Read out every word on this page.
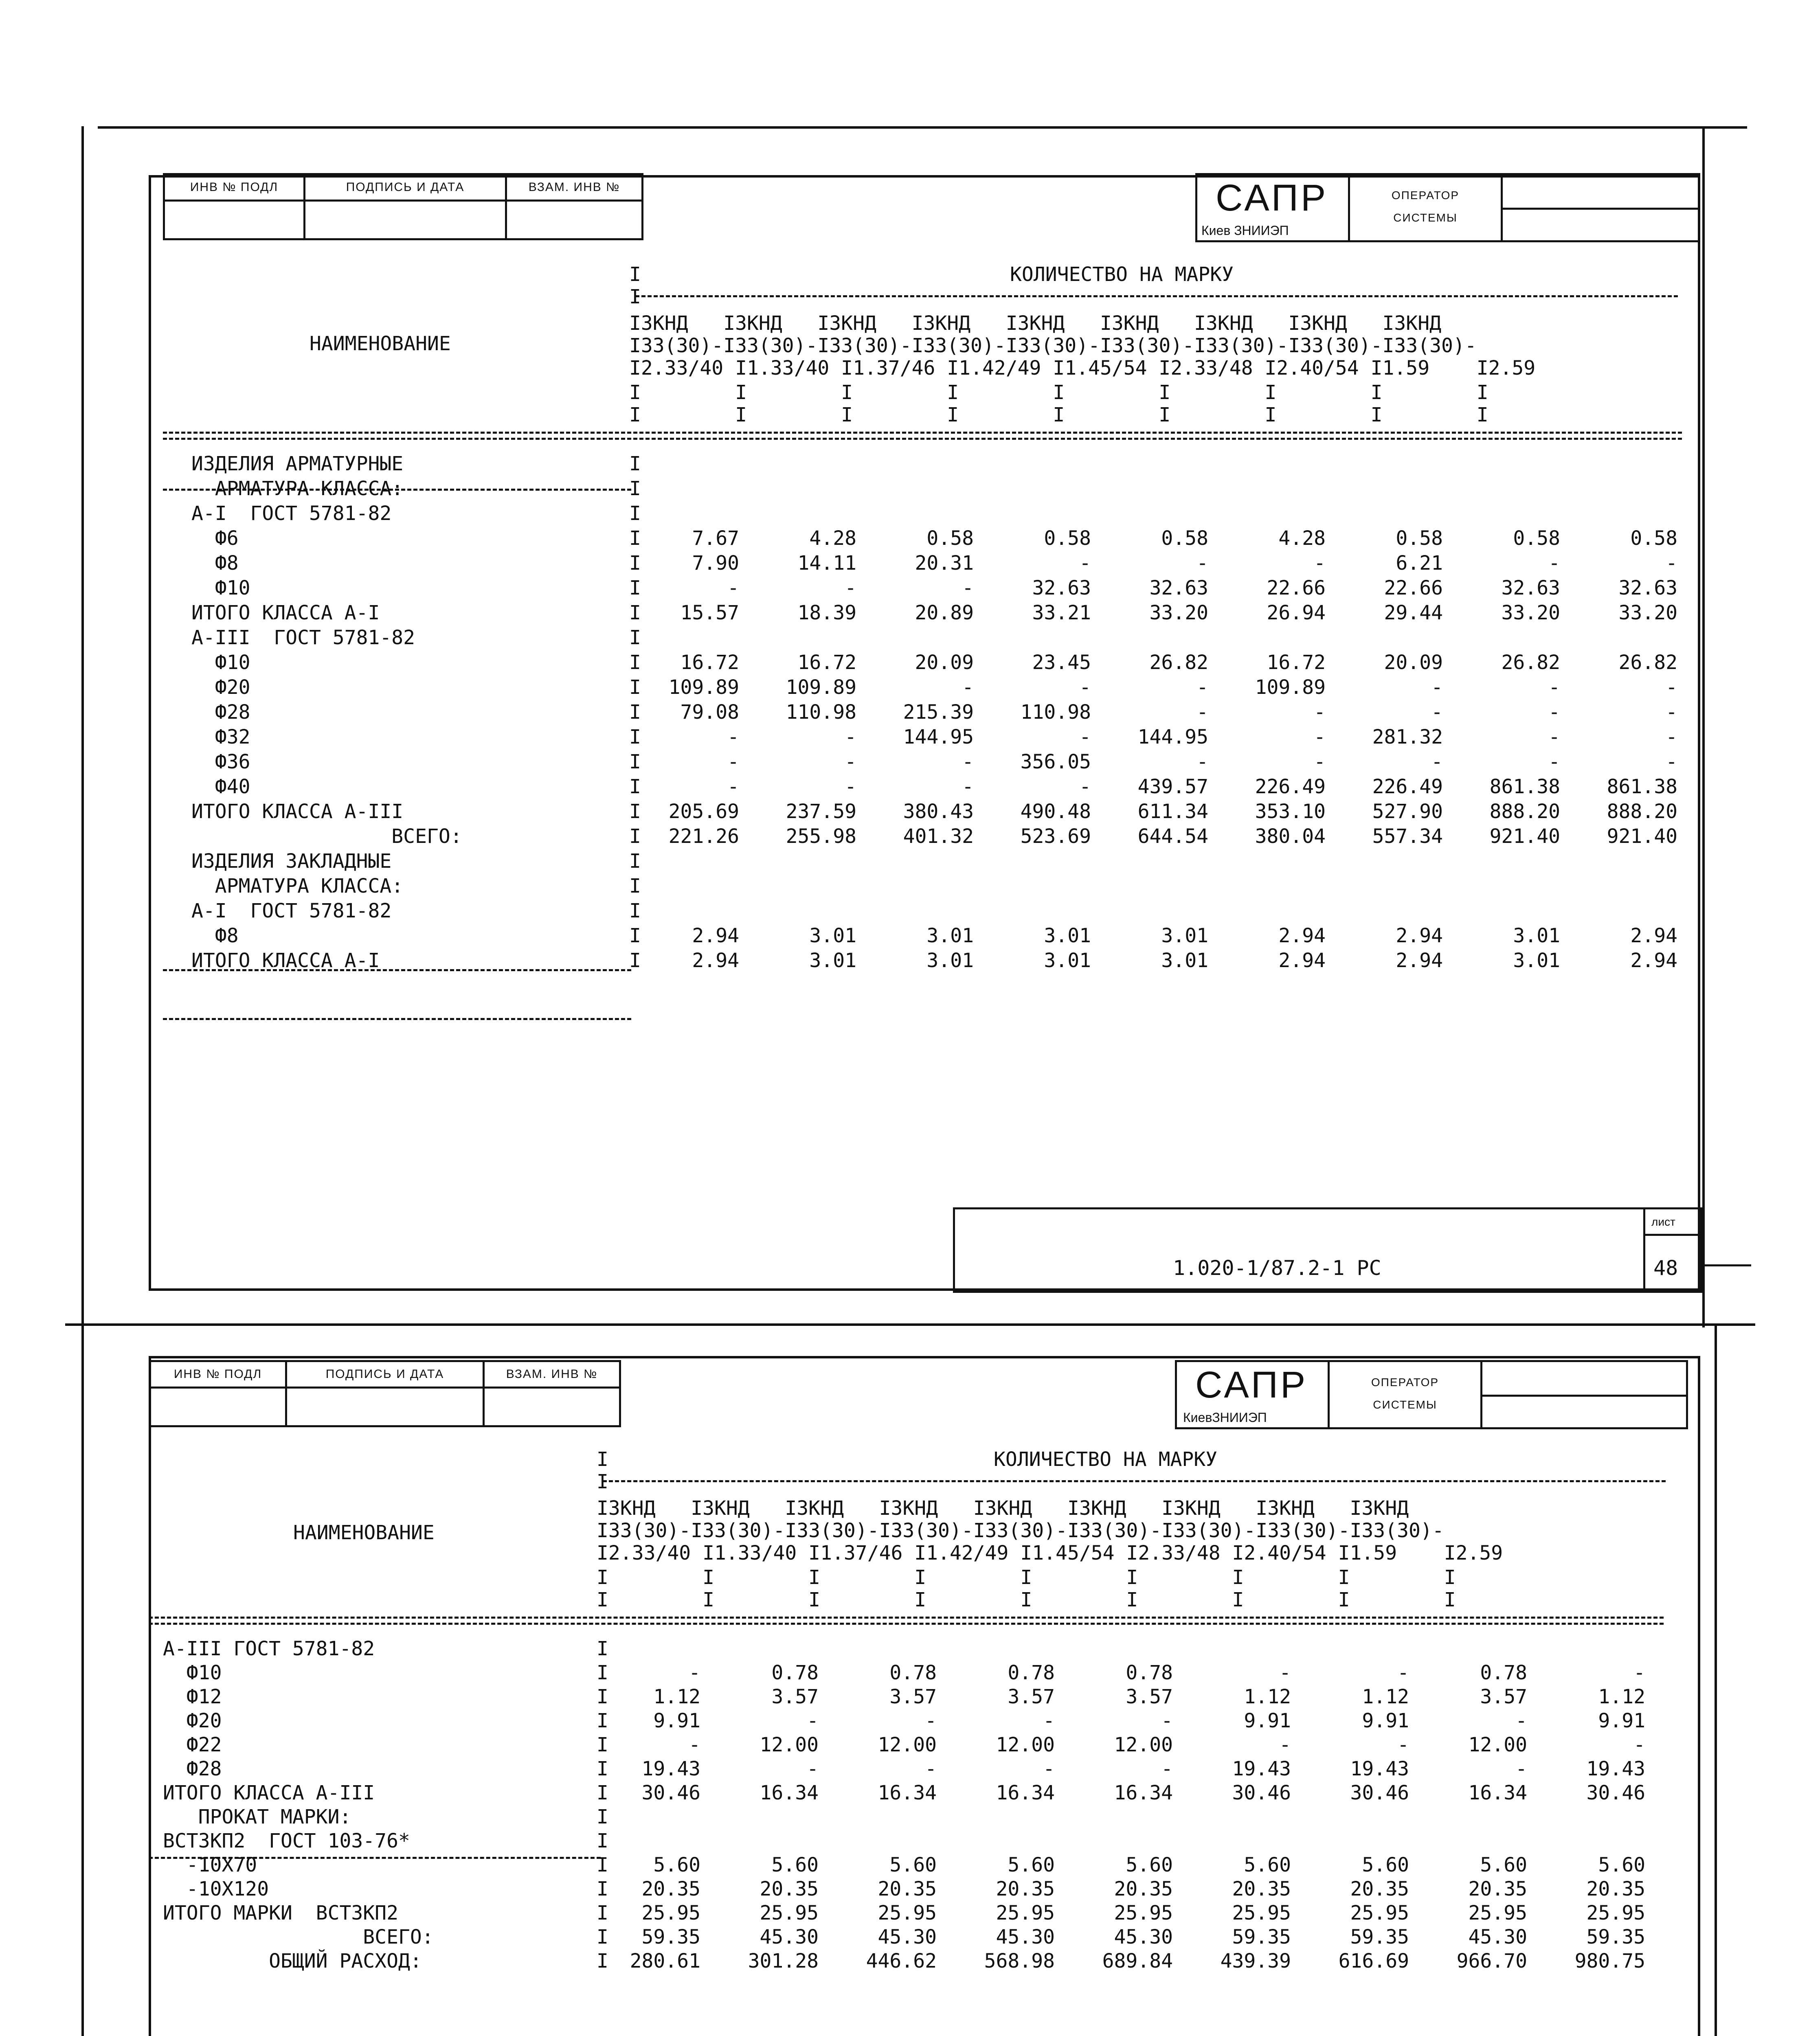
ИНВ № ПОДЛ	ПОДПИСЬ И ДАТА	ВЗАМ. ИНВ №	САПР
Киев ЗНИИЭП
ОПЕРАТОР
СИСТЕМЫ
I	КОЛИЧЕСТВО НА МАРКУ
I
НАИМЕНОВАНИЕ
I3КНД   I3КНД   I3КНД   I3КНД   I3КНД   I3КНД   I3КНД   I3КНД   I3КНД
I33(30)-I33(30)-I33(30)-I33(30)-I33(30)-I33(30)-I33(30)-I33(30)-I33(30)-
I2.33/40 I1.33/40 I1.37/46 I1.42/49 I1.45/54 I2.33/48 I2.40/54 I1.59    I2.59
I        I        I        I        I        I        I        I        I
I        I        I        I        I        I        I        I        I
ИЗДЕЛИЯ АРМАТУРНЫЕ	I
АРМАТУРА КЛАССА:	I
А-I  ГОСТ 5781-82	I
Ф6	I	7.67	4.28	0.58	0.58	0.58	4.28	0.58	0.58	0.58
Ф8	I	7.90	14.11	20.31	-	-	-	6.21	-	-
Ф10	I	-	-	-	32.63	32.63	22.66	22.66	32.63	32.63
ИТОГО КЛАССА А-I	I	15.57	18.39	20.89	33.21	33.20	26.94	29.44	33.20	33.20
А-III  ГОСТ 5781-82	I
Ф10	I	16.72	16.72	20.09	23.45	26.82	16.72	20.09	26.82	26.82
Ф20	I	109.89	109.89	-	-	-	109.89	-	-	-
Ф28	I	79.08	110.98	215.39	110.98	-	-	-	-	-
Ф32	I	-	-	144.95	-	144.95	-	281.32	-	-
Ф36	I	-	-	-	356.05	-	-	-	-	-
Ф40	I	-	-	-	-	439.57	226.49	226.49	861.38	861.38
ИТОГО КЛАССА А-III	I	205.69	237.59	380.43	490.48	611.34	353.10	527.90	888.20	888.20
ВСЕГО:	I	221.26	255.98	401.32	523.69	644.54	380.04	557.34	921.40	921.40
ИЗДЕЛИЯ ЗАКЛАДНЫЕ	I
АРМАТУРА КЛАССА:	I
А-I  ГОСТ 5781-82	I
Ф8	I	2.94	3.01	3.01	3.01	3.01	2.94	2.94	3.01	2.94
ИТОГО КЛАССА А-I	I	2.94	3.01	3.01	3.01	3.01	2.94	2.94	3.01	2.94
1.020-1/87.2-1 РС
лист
48
ИНВ № ПОДЛ	ПОДПИСЬ И ДАТА	ВЗАМ. ИНВ №	САПР
КиевЗНИИЭП
ОПЕРАТОР
СИСТЕМЫ
I	КОЛИЧЕСТВО НА МАРКУ
I
НАИМЕНОВАНИЕ
I3КНД   I3КНД   I3КНД   I3КНД   I3КНД   I3КНД   I3КНД   I3КНД   I3КНД
I33(30)-I33(30)-I33(30)-I33(30)-I33(30)-I33(30)-I33(30)-I33(30)-I33(30)-
I2.33/40 I1.33/40 I1.37/46 I1.42/49 I1.45/54 I2.33/48 I2.40/54 I1.59    I2.59
I        I        I        I        I        I        I        I        I
I        I        I        I        I        I        I        I        I
А-III ГОСТ 5781-82	I
Ф10	I	-	0.78	0.78	0.78	0.78	-	-	0.78	-
Ф12	I	1.12	3.57	3.57	3.57	3.57	1.12	1.12	3.57	1.12
Ф20	I	9.91	-	-	-	-	9.91	9.91	-	9.91
Ф22	I	-	12.00	12.00	12.00	12.00	-	-	12.00	-
Ф28	I	19.43	-	-	-	-	19.43	19.43	-	19.43
ИТОГО КЛАССА А-III	I	30.46	16.34	16.34	16.34	16.34	30.46	30.46	16.34	30.46
ПРОКАТ МАРКИ:	I
ВСТ3КП2  ГОСТ 103-76*	I
-10Х70	I	5.60	5.60	5.60	5.60	5.60	5.60	5.60	5.60	5.60
-10Х120	I	20.35	20.35	20.35	20.35	20.35	20.35	20.35	20.35	20.35
ИТОГО МАРКИ  ВСТ3КП2	I	25.95	25.95	25.95	25.95	25.95	25.95	25.95	25.95	25.95
ВСЕГО:	I	59.35	45.30	45.30	45.30	45.30	59.35	59.35	45.30	59.35
ОБЩИЙ РАСХОД:	I	280.61	301.28	446.62	568.98	689.84	439.39	616.69	966.70	980.75
